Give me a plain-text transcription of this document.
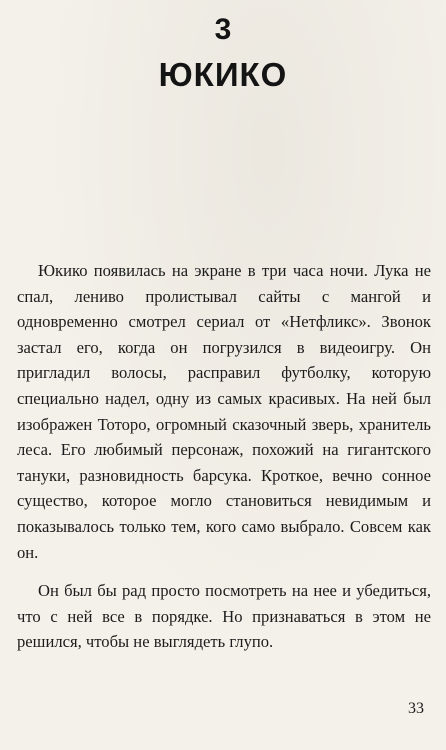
3
ЮКИКО

Юкико появилась на экране в три часа ночи. Лука не спал, лениво пролистывал сайты с мангой и одновременно смотрел сериал от «Нетфликс». Звонок застал его, когда он погрузился в видеоигру. Он пригладил волосы, расправил футболку, которую специально надел, одну из самых красивых. На ней был изображен Тоторо, огромный сказочный зверь, хранитель леса. Его любимый персонаж, похожий на гигантского тануки, разновидность барсука. Кроткое, вечно сонное существо, которое могло становиться невидимым и показывалось только тем, кого само выбрало. Совсем как он.

Он был бы рад просто посмотреть на нее и убедиться, что с ней все в порядке. Но признаваться в этом не решился, чтобы не выглядеть глупо.

33
